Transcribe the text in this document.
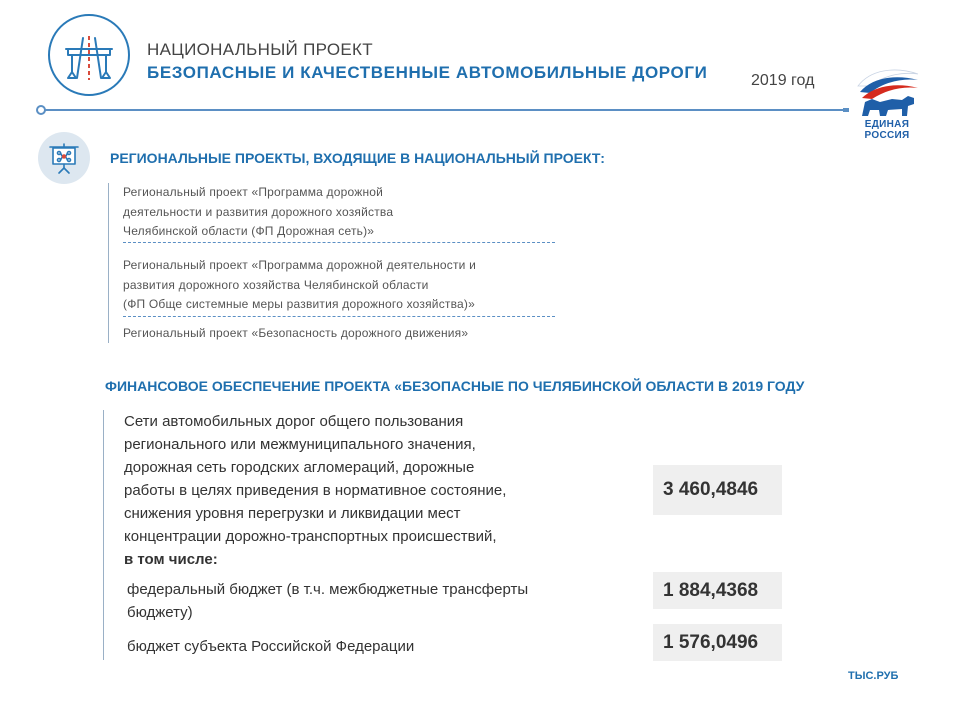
НАЦИОНАЛЬНЫЙ ПРОЕКТ
БЕЗОПАСНЫЕ И КАЧЕСТВЕННЫЕ АВТОМОБИЛЬНЫЕ ДОРОГИ	2019 год
ЕДИНАЯ
РОССИЯ
РЕГИОНАЛЬНЫЕ ПРОЕКТЫ, ВХОДЯЩИЕ В НАЦИОНАЛЬНЫЙ ПРОЕКТ:
Региональный проект «Программа дорожной
деятельности и развития дорожного хозяйства
Челябинской области (ФП Дорожная сеть)»
Региональный проект «Программа дорожной деятельности и
развития дорожного хозяйства Челябинской области
(ФП Обще системные меры развития дорожного хозяйства)»
Региональный проект «Безопасность дорожного движения»
ФИНАНСОВОЕ ОБЕСПЕЧЕНИЕ ПРОЕКТА «БЕЗОПАСНЫЕ ПО ЧЕЛЯБИНСКОЙ ОБЛАСТИ В 2019 ГОДУ
Сети автомобильных дорог общего пользования
регионального или межмуниципального значения,
дорожная сеть городских агломераций, дорожные
работы в целях приведения в нормативное состояние,
снижения уровня перегрузки и ликвидации мест
концентрации дорожно-транспортных происшествий,
в том числе:
3 460,4846
федеральный бюджет (в т.ч. межбюджетные трансферты
бюджету)
1 884,4368
бюджет субъекта Российской Федерации	1 576,0496
ТЫС.РУБ
